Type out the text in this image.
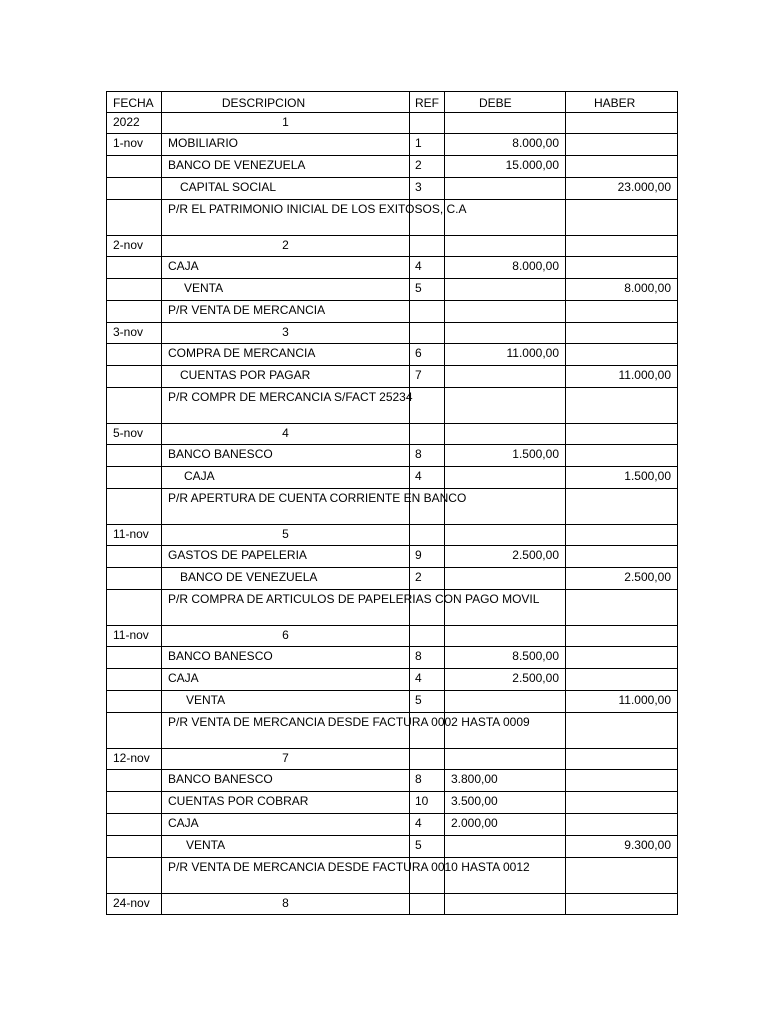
FECHA	DESCRIPCION	REF	DEBE	HABER
2022	1			
1-nov	MOBILIARIO	1	8.000,00	
	BANCO DE VENEZUELA	2	15.000,00	
	CAPITAL SOCIAL	3		23.000,00
	P/R EL PATRIMONIO INICIAL DE LOS EXITOSOS, C.A			
2-nov	2			
	CAJA	4	8.000,00	
	VENTA	5		8.000,00
	P/R VENTA DE MERCANCIA			
3-nov	3			
	COMPRA DE MERCANCIA	6	11.000,00	
	CUENTAS POR PAGAR	7		11.000,00
	P/R COMPR DE MERCANCIA S/FACT 25234			
5-nov	4			
	BANCO BANESCO	8	1.500,00	
	CAJA	4		1.500,00
	P/R APERTURA DE CUENTA CORRIENTE EN BANCO			
11-nov	5			
	GASTOS DE PAPELERIA	9	2.500,00	
	BANCO DE VENEZUELA	2		2.500,00
	P/R COMPRA DE ARTICULOS DE PAPELERIAS CON PAGO MOVIL			
11-nov	6			
	BANCO BANESCO	8	8.500,00	
	CAJA	4	2.500,00	
	VENTA	5		11.000,00
	P/R VENTA DE MERCANCIA DESDE FACTURA 0002 HASTA 0009			
12-nov	7			
	BANCO BANESCO	8	3.800,00	
	CUENTAS POR COBRAR	10	3.500,00	
	CAJA	4	2.000,00	
	VENTA	5		9.300,00
	P/R VENTA DE MERCANCIA DESDE FACTURA 0010 HASTA 0012			
24-nov	8			
